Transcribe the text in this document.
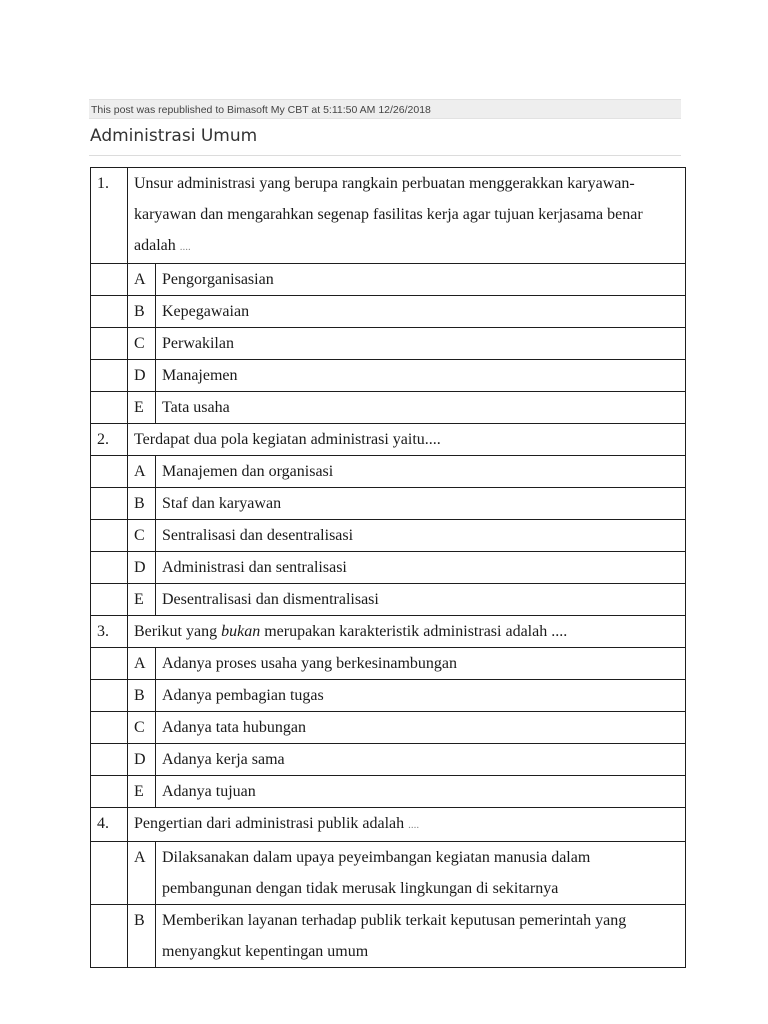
This post was republished to Bimasoft My CBT at 5:11:50 AM 12/26/2018
Administrasi Umum
1.	Unsur administrasi yang berupa rangkain perbuatan menggerakkan karyawan-karyawan dan mengarahkan segenap fasilitas kerja agar tujuan kerjasama benar adalah ....	
	A	Pengorganisasian
	B	Kepegawaian
	C	Perwakilan
	D	Manajemen
	E	Tata usaha
2.	Terdapat dua pola kegiatan administrasi yaitu....	
	A	Manajemen dan organisasi
	B	Staf dan karyawan
	C	Sentralisasi dan desentralisasi
	D	Administrasi dan sentralisasi
	E	Desentralisasi dan dismentralisasi
3.	Berikut yang bukan merupakan karakteristik administrasi adalah ....	
	A	Adanya proses usaha yang berkesinambungan
	B	Adanya pembagian tugas
	C	Adanya tata hubungan
	D	Adanya kerja sama
	E	Adanya tujuan
4.	Pengertian dari administrasi publik adalah ....	
	A	Dilaksanakan dalam upaya peyeimbangan kegiatan manusia dalam pembangunan dengan tidak merusak lingkungan di sekitarnya
	B	Memberikan layanan terhadap publik terkait keputusan pemerintah yang menyangkut kepentingan umum
